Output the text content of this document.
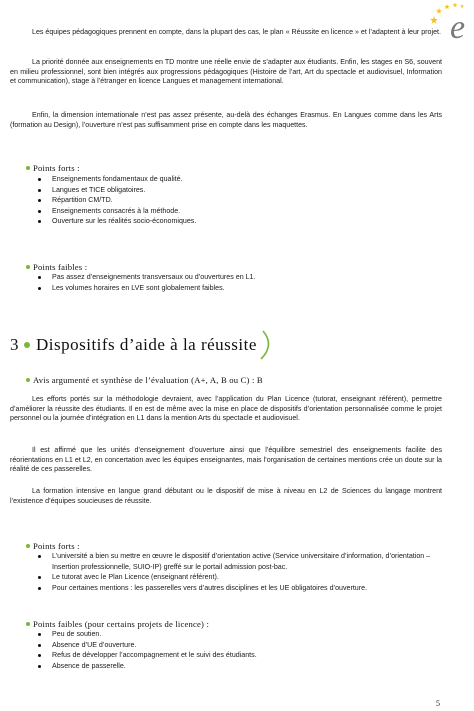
e

Les équipes pédagogiques prennent en compte, dans la plupart des cas, le plan « Réussite en licence » et l’adaptent à leur projet.

La priorité donnée aux enseignements en TD montre une réelle envie de s’adapter aux étudiants. Enfin, les stages en S6, souvent en milieu professionnel, sont bien intégrés aux progressions pédagogiques (Histoire de l’art, Art du spectacle et audiovisuel, Information et communication), stage à l’étranger en licence Langues et management international.

Enfin, la dimension internationale n’est pas assez présente, au-delà des échanges Erasmus. En Langues comme dans les Arts (formation au Design), l’ouverture n’est pas suffisamment prise en compte dans les maquettes.

Points forts :
Enseignements fondamentaux de qualité.
Langues et TICE obligatoires.
Répartition CM/TD.
Enseignements consacrés à la méthode.
Ouverture sur les réalités socio-économiques.
Points faibles :
Pas assez d’enseignements transversaux ou d’ouvertures en L1.
Les volumes horaires en LVE sont globalement faibles.
3 Dispositifs d’aide à la réussite
Avis argumenté et synthèse de l’évaluation (A+, A, B ou C) : B

Les efforts portés sur la méthodologie devraient, avec l’application du Plan Licence (tutorat, enseignant référent), permettre d’améliorer la réussite des étudiants. Il en est de même avec la mise en place de dispositifs d’orientation personnalisée comme le projet personnel ou la journée d’intégration en L1 dans la mention Arts du spectacle et audiovisuel.

Il est affirmé que les unités d’enseignement d’ouverture ainsi que l’équilibre semestriel des enseignements facilite des réorientations en L1 et L2, en concertation avec les équipes enseignantes, mais l’organisation de certaines mentions crée un doute sur la réalité de ces passerelles.

La formation intensive en langue grand débutant ou le dispositif de mise à niveau en L2 de Sciences du langage montrent l’existence d’équipes soucieuses de réussite.

Points forts :
L’université a bien su mettre en œuvre le dispositif d’orientation active (Service universitaire d’information, d’orientation – Insertion professionnelle, SUIO-IP) greffé sur le portail admission post-bac.
Le tutorat avec le Plan Licence (enseignant référent).
Pour certaines mentions : les passerelles vers d’autres disciplines et les UE obligatoires d’ouverture.
Points faibles (pour certains projets de licence) :
Peu de soutien.
Absence d’UE d’ouverture.
Refus de développer l’accompagnement et le suivi des étudiants.
Absence de passerelle.
5
